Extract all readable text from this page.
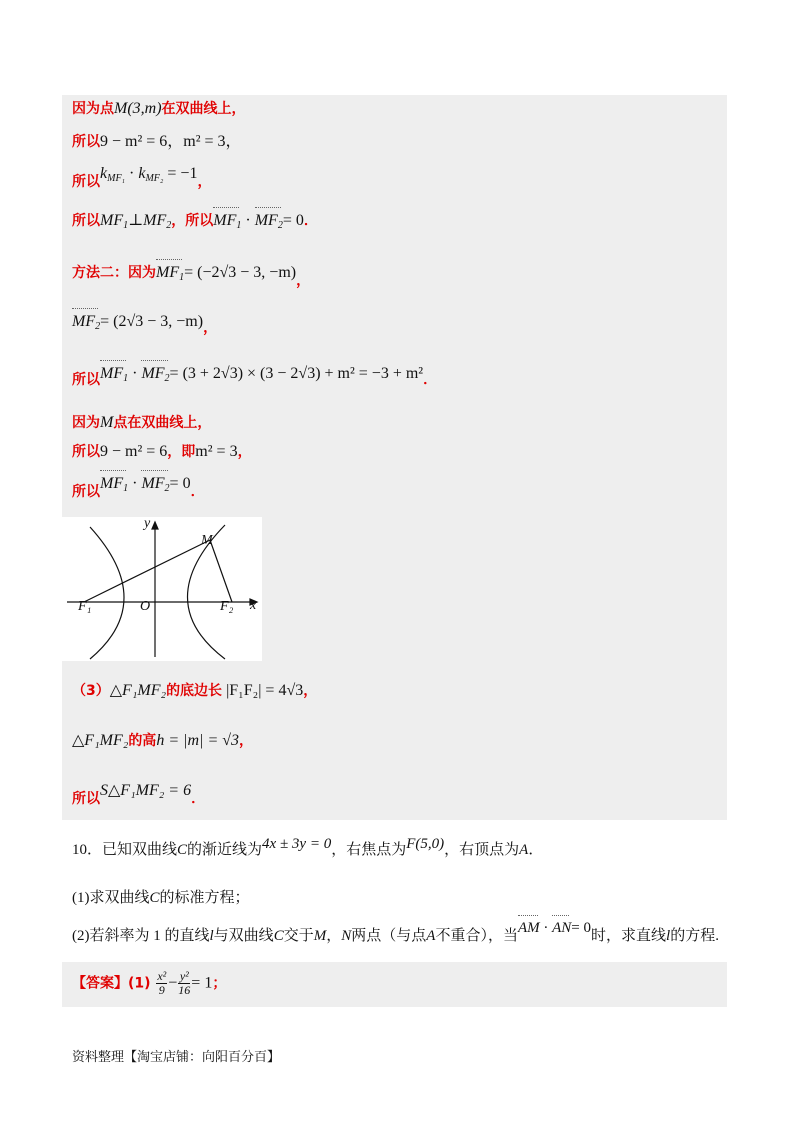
因为点M(3,m)在双曲线上，
所以9 − m² = 6，m² = 3，
所以$k_{MF_1} \cdot k_{MF_2} = -1$，
所以$MF_1\perp MF_2$，所以$MF_1 \cdot MF_2= 0$．
方法二：因为$MF_1= (-2√3 - 3$, −m)，
$MF_2= (2√3 - 3$, −m)，
所以$MF_1 \cdot MF_2= (3 + 2√3) \times (3 - 2√3) + m^2 = -3 + m^2$．
因为M点在双曲线上，
所以9 − m² = 6，即m² = 3，
所以$MF_1 \cdot MF_2= 0$．
y
x
M
O
F₁	F₂
（3）△F₁MF₂的底边长 |F₁F₂| = 4√3，
△F₁MF₂的高h = |m| = √3，
所以S△F₁MF₂ = 6．
10．已知双曲线C的渐近线为4x ± 3y = 0，右焦点为F(5,0)，右顶点为A．
(1)求双曲线C的标准方程；
(2)若斜率为 1 的直线l与双曲线C交于M，N两点（与点A不重合），当AM · AN= 0时，求直线l的方程.
【答案】$(1) \frac{\text{x²}}{9} - \frac{\text{y²}}{16} = 1$；
资料整理【淘宝店铺：向阳百分百】
